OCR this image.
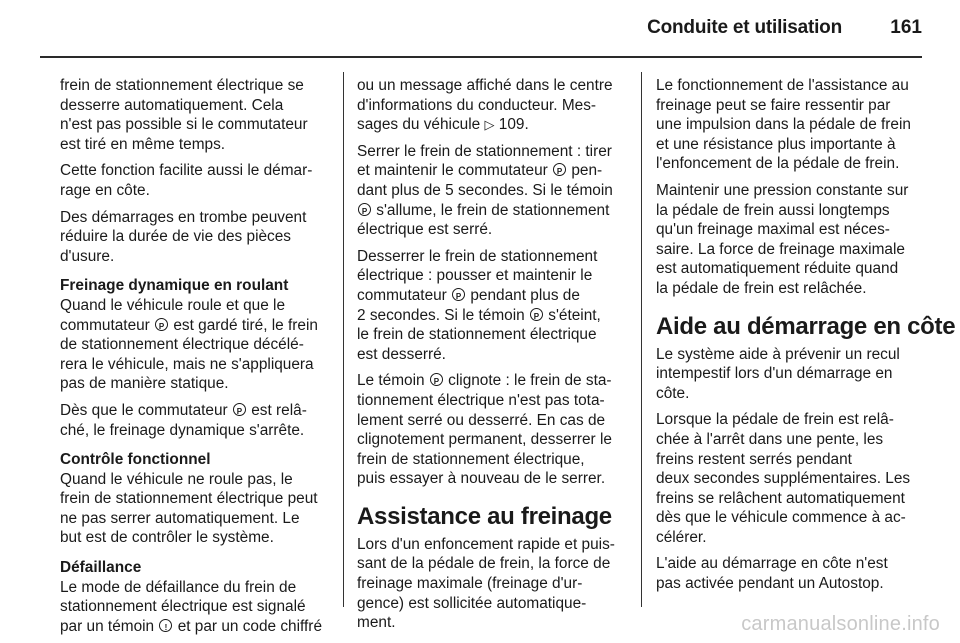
Conduite et utilisation	161

frein de stationnement électrique se
desserre automatiquement. Cela
n'est pas possible si le commutateur
est tiré en même temps.

Cette fonction facilite aussi le démar-
rage en côte.

Des démarrages en trombe peuvent
réduire la durée de vie des pièces
d'usure.

Freinage dynamique en roulant
Quand le véhicule roule et que le
commutateur P est gardé tiré, le frein
de stationnement électrique décélé-
rera le véhicule, mais ne s'appliquera
pas de manière statique.

Dès que le commutateur P est relâ-
ché, le freinage dynamique s'arrête.

Contrôle fonctionnel
Quand le véhicule ne roule pas, le
frein de stationnement électrique peut
ne pas serrer automatiquement. Le
but est de contrôler le système.

Défaillance
Le mode de défaillance du frein de
stationnement électrique est signalé
par un témoin ! et par un code chiffré

ou un message affiché dans le centre
d'informations du conducteur. Mes-
sages du véhicule ▷ 109.

Serrer le frein de stationnement : tirer
et maintenir le commutateur P pen-
dant plus de 5 secondes. Si le témoin
P s'allume, le frein de stationnement
électrique est serré.

Desserrer le frein de stationnement
électrique : pousser et maintenir le
commutateur P pendant plus de
2 secondes. Si le témoin P s'éteint,
le frein de stationnement électrique
est desserré.

Le témoin P clignote : le frein de sta-
tionnement électrique n'est pas tota-
lement serré ou desserré. En cas de
clignotement permanent, desserrer le
frein de stationnement électrique,
puis essayer à nouveau de le serrer.

Assistance au freinage

Lors d'un enfoncement rapide et puis-
sant de la pédale de frein, la force de
freinage maximale (freinage d'ur-
gence) est sollicitée automatique-
ment.

Le fonctionnement de l'assistance au
freinage peut se faire ressentir par
une impulsion dans la pédale de frein
et une résistance plus importante à
l'enfoncement de la pédale de frein.

Maintenir une pression constante sur
la pédale de frein aussi longtemps
qu'un freinage maximal est néces-
saire. La force de freinage maximale
est automatiquement réduite quand
la pédale de frein est relâchée.

Aide au démarrage en côte

Le système aide à prévenir un recul
intempestif lors d'un démarrage en
côte.

Lorsque la pédale de frein est relâ-
chée à l'arrêt dans une pente, les
freins restent serrés pendant
deux secondes supplémentaires. Les
freins se relâchent automatiquement
dès que le véhicule commence à ac-
célérer.

L'aide au démarrage en côte n'est
pas activée pendant un Autostop.

carmanualsonline.info
